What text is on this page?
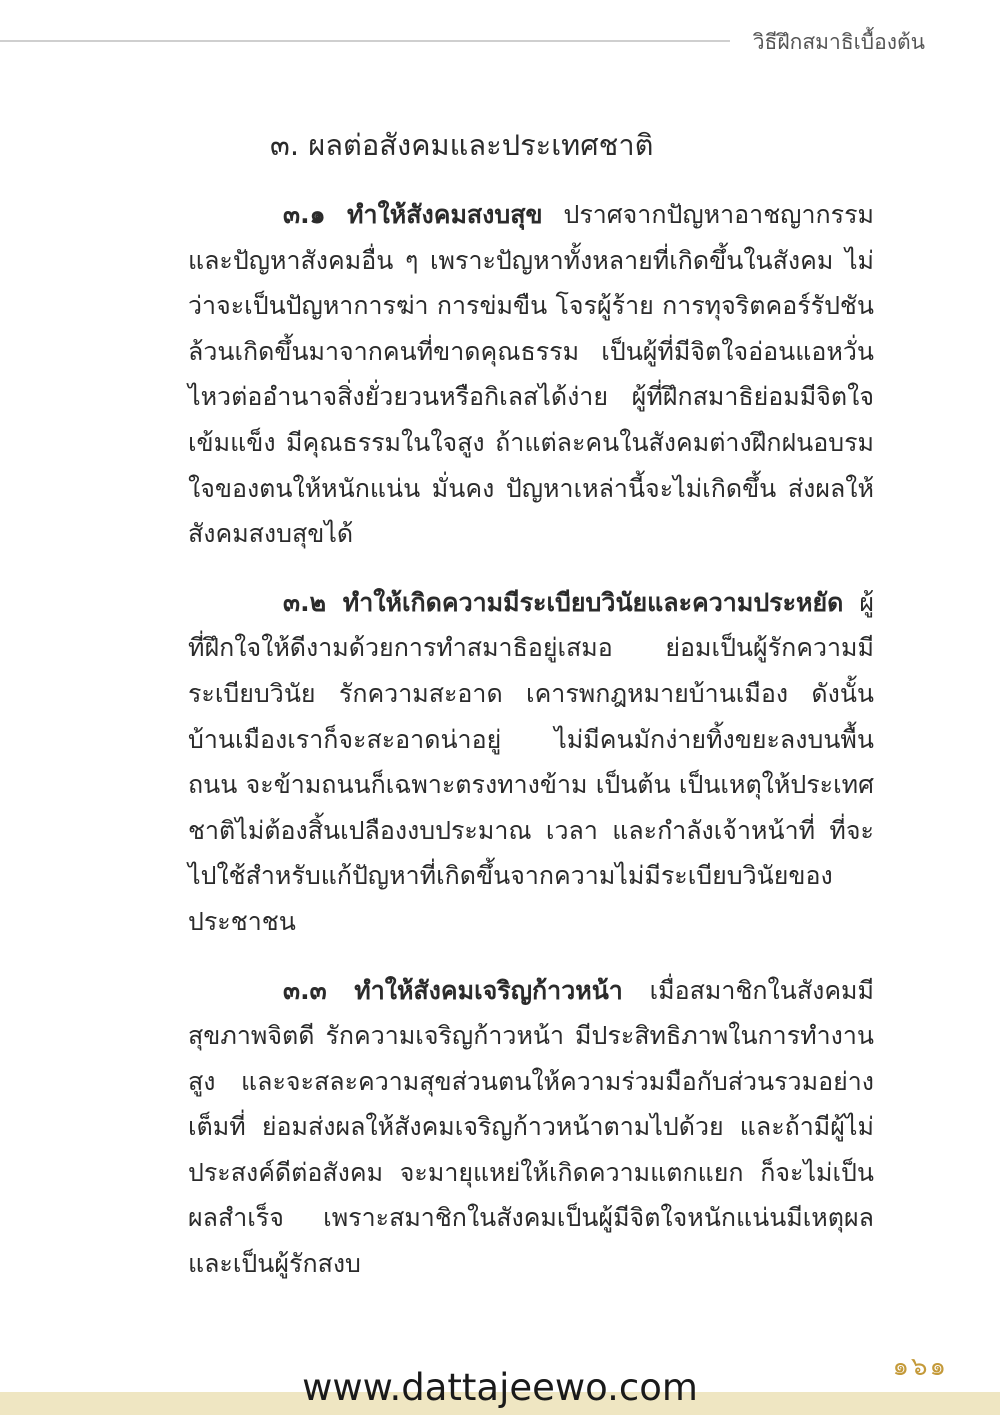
วิธีฝึกสมาธิเบื้องต้น
๓. ผลต่อสังคมและประเทศชาติ

๓.๑ ทำให้สังคมสงบสุข ปราศจากปัญหาอาชญากรรมและปัญหาสังคมอื่น ๆ เพราะปัญหาทั้งหลายที่เกิดขึ้นในสังคม ไม่ว่าจะเป็นปัญหาการฆ่า การข่มขืน โจรผู้ร้าย การทุจริตคอร์รัปชัน ล้วนเกิดขึ้นมาจากคนที่ขาดคุณธรรม เป็นผู้ที่มีจิตใจอ่อนแอหวั่นไหวต่ออำนาจสิ่งยั่วยวนหรือกิเลสได้ง่าย ผู้ที่ฝึกสมาธิย่อมมีจิตใจเข้มแข็ง มีคุณธรรมในใจสูง ถ้าแต่ละคนในสังคมต่างฝึกฝนอบรมใจของตนให้หนักแน่น มั่นคง ปัญหาเหล่านี้จะไม่เกิดขึ้น ส่งผลให้สังคมสงบสุขได้

๓.๒ ทำให้เกิดความมีระเบียบวินัยและความประหยัด ผู้ที่ฝึกใจให้ดีงามด้วยการทำสมาธิอยู่เสมอ ย่อมเป็นผู้รักความมีระเบียบวินัย รักความสะอาด เคารพกฎหมายบ้านเมือง ดังนั้นบ้านเมืองเราก็จะสะอาดน่าอยู่ ไม่มีคนมักง่ายทิ้งขยะลงบนพื้นถนน จะข้ามถนนก็เฉพาะตรงทางข้าม เป็นต้น เป็นเหตุให้ประเทศชาติไม่ต้องสิ้นเปลืองงบประมาณ เวลา และกำลังเจ้าหน้าที่ ที่จะไปใช้สำหรับแก้ปัญหาที่เกิดขึ้นจากความไม่มีระเบียบวินัยของประชาชน

๓.๓ ทำให้สังคมเจริญก้าวหน้า เมื่อสมาชิกในสังคมมีสุขภาพจิตดี รักความเจริญก้าวหน้า มีประสิทธิภาพในการทำงานสูง และจะสละความสุขส่วนตนให้ความร่วมมือกับส่วนรวมอย่างเต็มที่ ย่อมส่งผลให้สังคมเจริญก้าวหน้าตามไปด้วย และถ้ามีผู้ไม่ประสงค์ดีต่อสังคม จะมายุแหย่ให้เกิดความแตกแยก ก็จะไม่เป็นผลสำเร็จ เพราะสมาชิกในสังคมเป็นผู้มีจิตใจหนักแน่นมีเหตุผล และเป็นผู้รักสงบ

๑๖๑
www.dattajeewo.com
